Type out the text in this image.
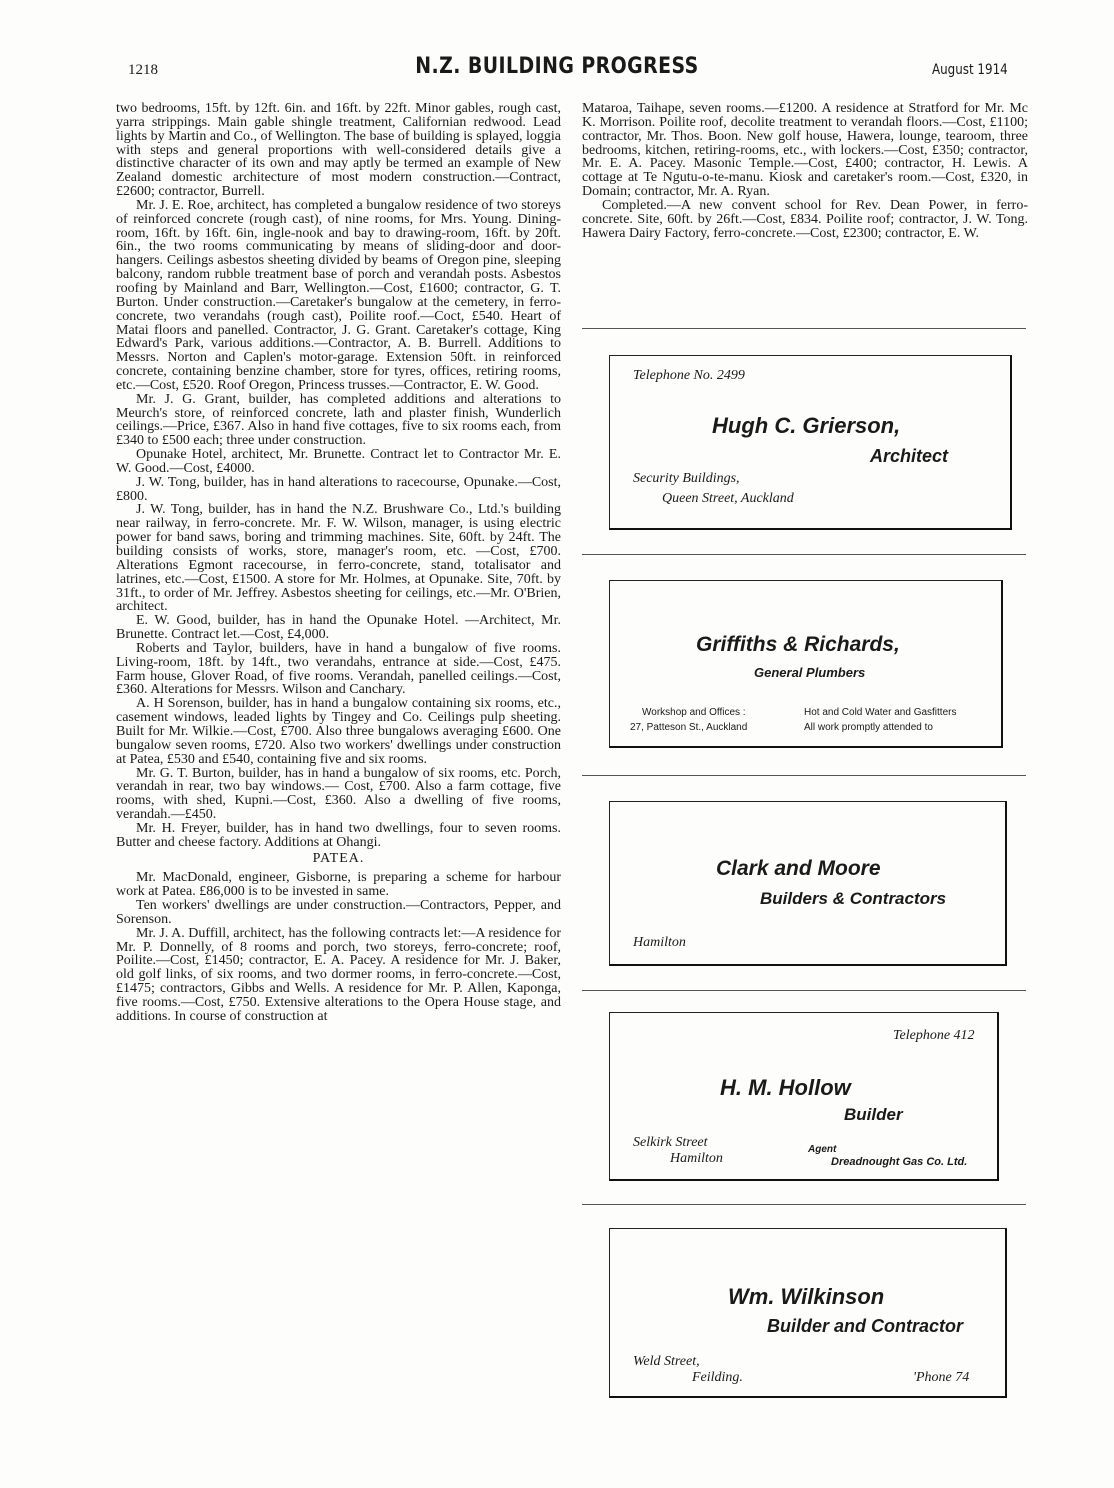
1218	N.Z. BUILDING PROGRESS	August 1914

two bedrooms, 15ft. by 12ft. 6in. and 16ft. by 22ft. Minor gables, rough cast, yarra strippings. Main gable shingle treatment, Californian redwood. Lead lights by Martin and Co., of Wellington. The base of building is splayed, loggia with steps and general proportions with well-considered details give a distinctive character of its own and may aptly be termed an example of New Zealand domestic architecture of most modern construction.—Contract, £2600; contractor, Burrell.

Mr. J. E. Roe, architect, has completed a bungalow residence of two storeys of reinforced concrete (rough cast), of nine rooms, for Mrs. Young. Dining-room, 16ft. by 16ft. 6in, ingle-nook and bay to drawing-room, 16ft. by 20ft. 6in., the two rooms communicating by means of sliding-door and door-hangers. Ceilings asbestos sheeting divided by beams of Oregon pine, sleeping balcony, random rubble treatment base of porch and verandah posts. Asbestos roofing by Mainland and Barr, Wellington.—Cost, £1600; contractor, G. T. Burton. Under construction.—Caretaker's bungalow at the cemetery, in ferro-concrete, two verandahs (rough cast), Poilite roof.—Coct, £540. Heart of Matai floors and panelled. Contractor, J. G. Grant. Caretaker's cottage, King Edward's Park, various additions.—Contractor, A. B. Burrell. Additions to Messrs. Norton and Caplen's motor-garage. Extension 50ft. in reinforced concrete, containing benzine chamber, store for tyres, offices, retiring rooms, etc.—Cost, £520. Roof Oregon, Princess trusses.—Contractor, E. W. Good.

Mr. J. G. Grant, builder, has completed additions and alterations to Meurch's store, of reinforced concrete, lath and plaster finish, Wunderlich ceilings.—Price, £367. Also in hand five cottages, five to six rooms each, from £340 to £500 each; three under construction.

Opunake Hotel, architect, Mr. Brunette. Contract let to Contractor Mr. E. W. Good.—Cost, £4000.

J. W. Tong, builder, has in hand alterations to racecourse, Opunake.—Cost, £800.

J. W. Tong, builder, has in hand the N.Z. Brushware Co., Ltd.'s building near railway, in ferro-concrete. Mr. F. W. Wilson, manager, is using electric power for band saws, boring and trimming machines. Site, 60ft. by 24ft. The building consists of works, store, manager's room, etc. —Cost, £700. Alterations Egmont racecourse, in ferro-concrete, stand, totalisator and latrines, etc.—Cost, £1500. A store for Mr. Holmes, at Opunake. Site, 70ft. by 31ft., to order of Mr. Jeffrey. Asbestos sheeting for ceilings, etc.—Mr. O'Brien, architect.

E. W. Good, builder, has in hand the Opunake Hotel. —Architect, Mr. Brunette. Contract let.—Cost, £4,000.

Roberts and Taylor, builders, have in hand a bungalow of five rooms. Living-room, 18ft. by 14ft., two verandahs, entrance at side.—Cost, £475. Farm house, Glover Road, of five rooms. Verandah, panelled ceilings.—Cost, £360. Alterations for Messrs. Wilson and Canchary.

A. H Sorenson, builder, has in hand a bungalow containing six rooms, etc., casement windows, leaded lights by Tingey and Co. Ceilings pulp sheeting. Built for Mr. Wilkie.—Cost, £700. Also three bungalows averaging £600. One bungalow seven rooms, £720. Also two workers' dwellings under construction at Patea, £530 and £540, containing five and six rooms.

Mr. G. T. Burton, builder, has in hand a bungalow of six rooms, etc. Porch, verandah in rear, two bay windows.— Cost, £700. Also a farm cottage, five rooms, with shed, Kupni.—Cost, £360. Also a dwelling of five rooms, verandah.—£450.

Mr. H. Freyer, builder, has in hand two dwellings, four to seven rooms. Butter and cheese factory. Additions at Ohangi.

PATEA.

Mr. MacDonald, engineer, Gisborne, is preparing a scheme for harbour work at Patea. £86,000 is to be invested in same.

Ten workers' dwellings are under construction.—Contractors, Pepper, and Sorenson.

Mr. J. A. Duffill, architect, has the following contracts let:—A residence for Mr. P. Donnelly, of 8 rooms and porch, two storeys, ferro-concrete; roof, Poilite.—Cost, £1450; contractor, E. A. Pacey. A residence for Mr. J. Baker, old golf links, of six rooms, and two dormer rooms, in ferro-concrete.—Cost, £1475; contractors, Gibbs and Wells. A residence for Mr. P. Allen, Kaponga, five rooms.—Cost, £750. Extensive alterations to the Opera House stage, and additions. In course of construction at

Mataroa, Taihape, seven rooms.—£1200. A residence at Stratford for Mr. Mc K. Morrison. Poilite roof, decolite treatment to verandah floors.—Cost, £1100; contractor, Mr. Thos. Boon. New golf house, Hawera, lounge, tearoom, three bedrooms, kitchen, retiring-rooms, etc., with lockers.—Cost, £350; contractor, Mr. E. A. Pacey. Masonic Temple.—Cost, £400; contractor, H. Lewis. A cottage at Te Ngutu-o-te-manu. Kiosk and caretaker's room.—Cost, £320, in Domain; contractor, Mr. A. Ryan.

Completed.—A new convent school for Rev. Dean Power, in ferro-concrete. Site, 60ft. by 26ft.—Cost, £834. Poilite roof; contractor, J. W. Tong. Hawera Dairy Factory, ferro-concrete.—Cost, £2300; contractor, E. W.

Telephone No. 2499
Hugh C. Grierson,
Architect
Security Buildings,
Queen Street, Auckland
Griffiths & Richards,
General Plumbers
Workshop and Offices :
27, Patteson St., Auckland
Hot and Cold Water and Gasfitters
All work promptly attended to
Clark and Moore
Builders & Contractors
Hamilton
Telephone 412
H. M. Hollow
Builder
Selkirk Street
Hamilton
Agent
Dreadnought Gas Co. Ltd.
Wm. Wilkinson
Builder and Contractor
Weld Street,
Feilding.	'Phone 74
